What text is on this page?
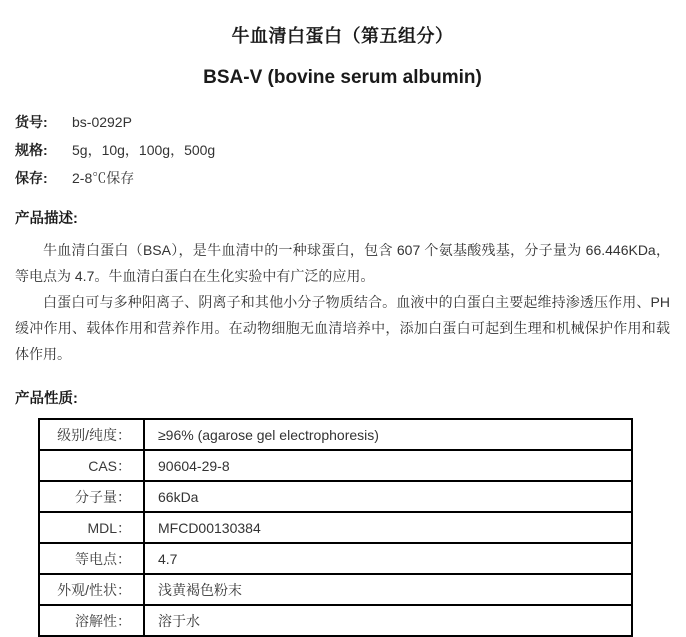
牛血清白蛋白（第五组分）
BSA-V (bovine serum albumin)
货号:	bs-0292P
规格:	5g，10g，100g，500g
保存:	2-8℃保存
产品描述:

牛血清白蛋白（BSA），是牛血清中的一种球蛋白，包含 607 个氨基酸残基，分子量为 66.446KDa，等电点为 4.7。牛血清白蛋白在生化实验中有广泛的应用。

白蛋白可与多种阳离子、阴离子和其他小分子物质结合。血液中的白蛋白主要起维持渗透压作用、PH缓冲作用、载体作用和营养作用。在动物细胞无血清培养中，添加白蛋白可起到生理和机械保护作用和载体作用。

产品性质:
级别/纯度：	≥96% (agarose gel electrophoresis)
CAS：	90604-29-8
分子量：	66kDa
MDL：	MFCD00130384
等电点：	4.7
外观/性状：	浅黄褐色粉末
溶解性：	溶于水
